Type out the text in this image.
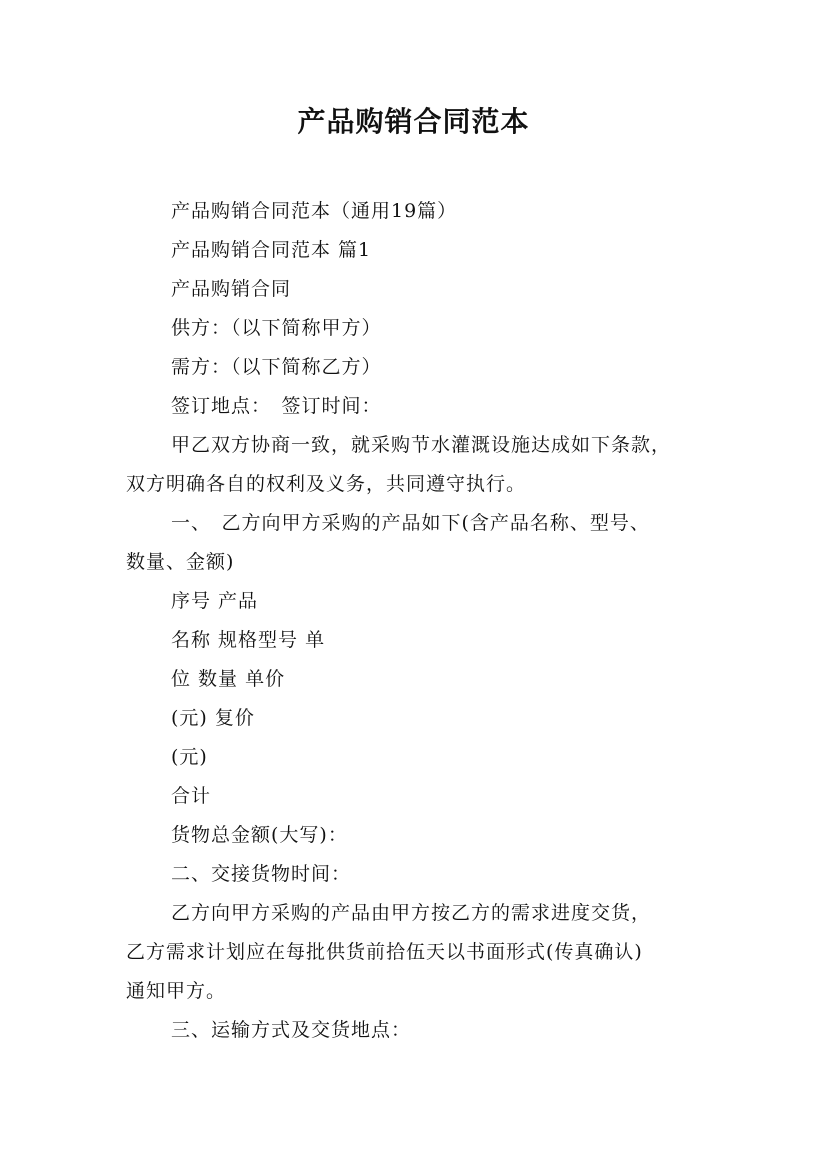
产品购销合同范本
产品购销合同范本（通用19篇）
产品购销合同范本 篇1
产品购销合同
供方：（以下简称甲方）
需方：（以下简称乙方）
签订地点：　签订时间：
甲乙双方协商一致，就采购节水灌溉设施达成如下条款，
双方明确各自的权利及义务，共同遵守执行。
一、　乙方向甲方采购的产品如下(含产品名称、型号、
数量、金额)
序号 产品
名称 规格型号 单
位 数量 单价
(元) 复价
(元)
合计
货物总金额(大写)：
二、交接货物时间：
乙方向甲方采购的产品由甲方按乙方的需求进度交货，
乙方需求计划应在每批供货前拾伍天以书面形式(传真确认)
通知甲方。
三、运输方式及交货地点：
